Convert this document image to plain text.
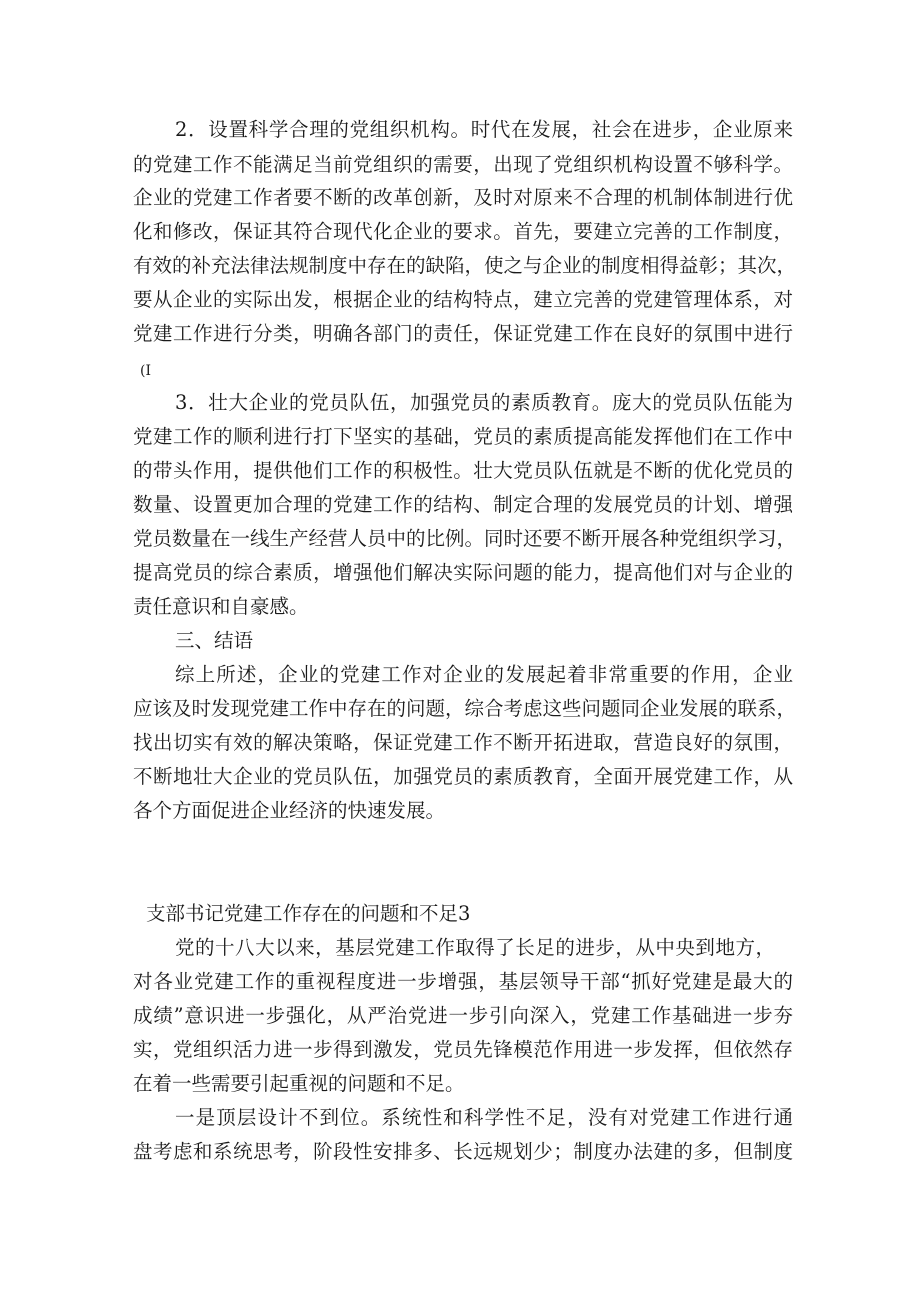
2．设置科学合理的党组织机构。时代在发展，社会在进步，企业原来
的党建工作不能满足当前党组织的需要，出现了党组织机构设置不够科学。
企业的党建工作者要不断的改革创新，及时对原来不合理的机制体制进行优
化和修改，保证其符合现代化企业的要求。首先，要建立完善的工作制度，
有效的补充法律法规制度中存在的缺陷，使之与企业的制度相得益彰；其次，
要从企业的实际出发，根据企业的结构特点，建立完善的党建管理体系，对
党建工作进行分类，明确各部门的责任，保证党建工作在良好的氛围中进行
(I
3．壮大企业的党员队伍，加强党员的素质教育。庞大的党员队伍能为
党建工作的顺利进行打下坚实的基础，党员的素质提高能发挥他们在工作中
的带头作用，提供他们工作的积极性。壮大党员队伍就是不断的优化党员的
数量、设置更加合理的党建工作的结构、制定合理的发展党员的计划、增强
党员数量在一线生产经营人员中的比例。同时还要不断开展各种党组织学习，
提高党员的综合素质，增强他们解决实际问题的能力，提高他们对与企业的
责任意识和自豪感。
三、结语
综上所述，企业的党建工作对企业的发展起着非常重要的作用，企业
应该及时发现党建工作中存在的问题，综合考虑这些问题同企业发展的联系，
找出切实有效的解决策略，保证党建工作不断开拓进取，营造良好的氛围，
不断地壮大企业的党员队伍，加强党员的素质教育，全面开展党建工作，从
各个方面促进企业经济的快速发展。
支部书记党建工作存在的问题和不足3
党的十八大以来，基层党建工作取得了长足的进步，从中央到地方，
对各业党建工作的重视程度进一步增强，基层领导干部“抓好党建是最大的
成绩”意识进一步强化，从严治党进一步引向深入，党建工作基础进一步夯
实，党组织活力进一步得到激发，党员先锋模范作用进一步发挥，但依然存
在着一些需要引起重视的问题和不足。
一是顶层设计不到位。系统性和科学性不足，没有对党建工作进行通
盘考虑和系统思考，阶段性安排多、长远规划少；制度办法建的多，但制度
